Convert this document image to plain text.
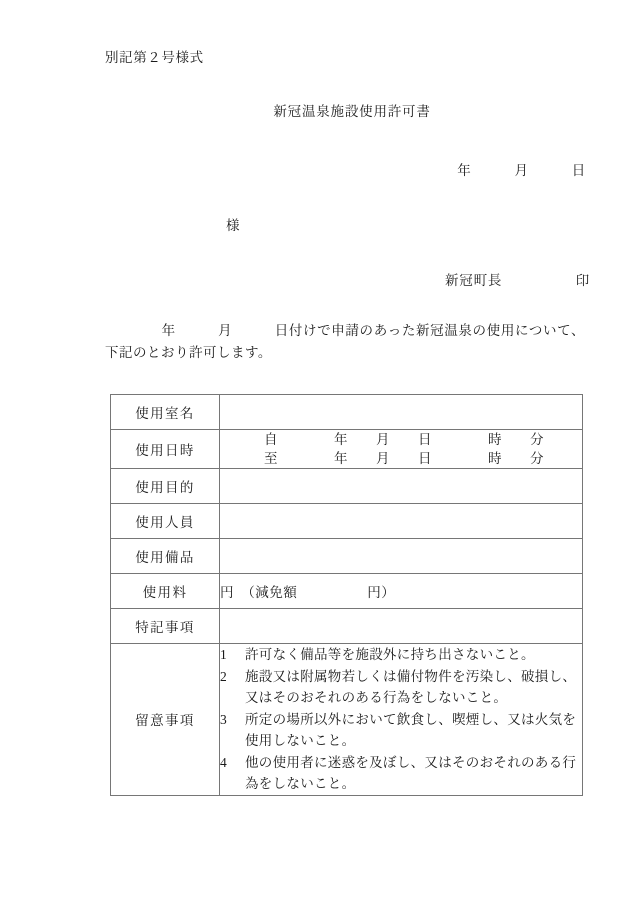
別記第２号様式
新冠温泉施設使用許可書
年　　　月　　　日
様
新冠町長	印
　　　　年　　　月　　　日付けで申請のあった新冠温泉の使用について、下記のとおり許可します。
使用室名	
使用日時	自　　　　年　　月　　日　　　　時　　分
至　　　　年　　月　　日　　　　時　　分

使用目的	
使用人員	
使用備品	
使用料	円　（減免額　　　　　円）
特記事項	
留意事項	1 許可なく備品等を施設外に持ち出さないこと。
2 施設又は附属物若しくは備付物件を汚染し、破損し、又はそのおそれのある行為をしないこと。
3 所定の場所以外において飲食し、喫煙し、又は火気を使用しないこと。
4 他の使用者に迷惑を及ぼし、又はそのおそれのある行為をしないこと。
